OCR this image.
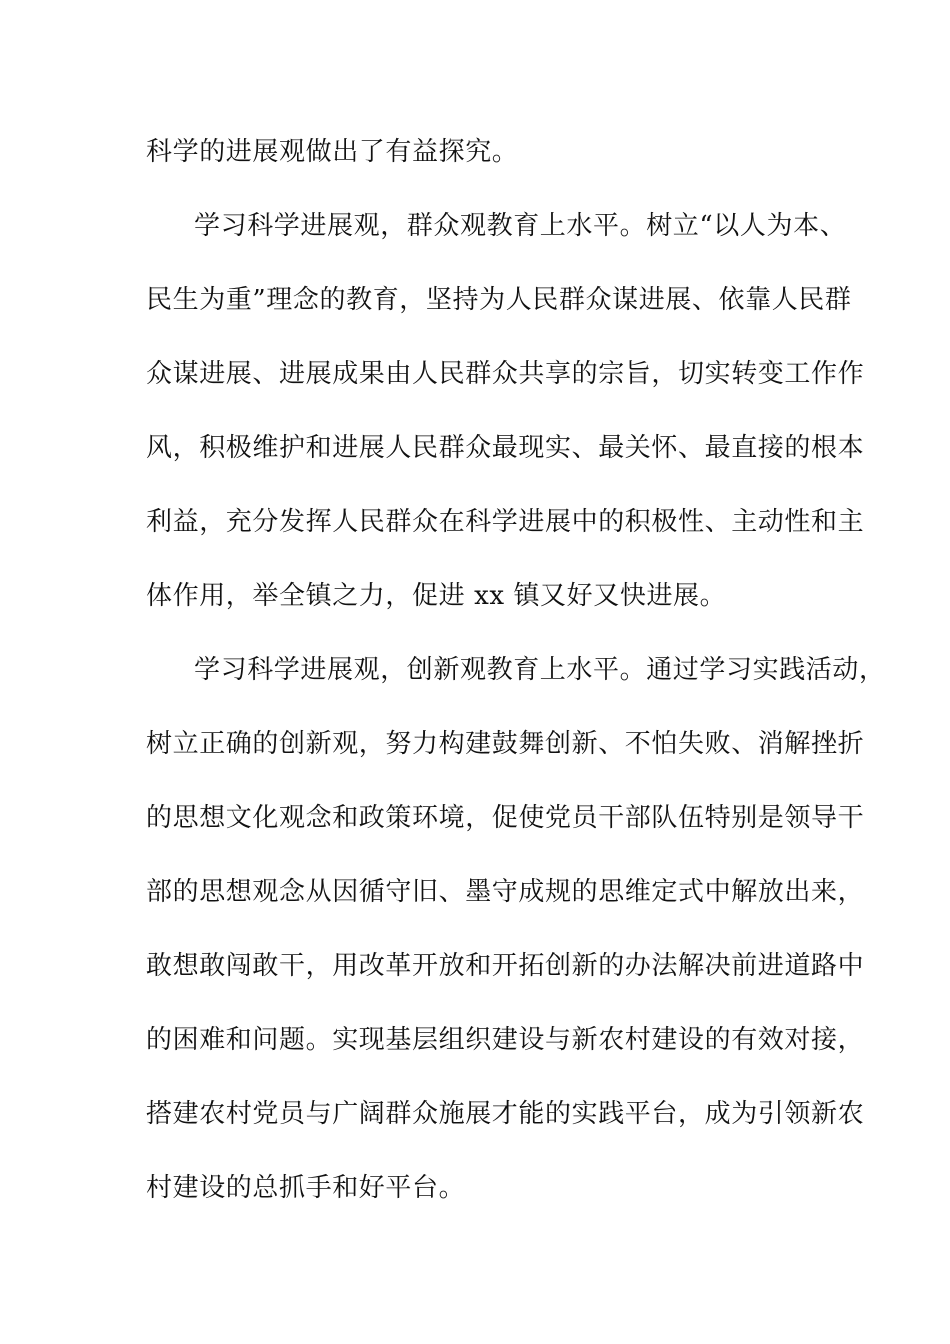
科学的进展观做出了有益探究。
学习科学进展观，群众观教育上水平。树立“以人为本、
民生为重”理念的教育，坚持为人民群众谋进展、依靠人民群
众谋进展、进展成果由人民群众共享的宗旨，切实转变工作作
风，积极维护和进展人民群众最现实、最关怀、最直接的根本
利益，充分发挥人民群众在科学进展中的积极性、主动性和主
体作用，举全镇之力，促进 xx 镇又好又快进展。
学习科学进展观，创新观教育上水平。通过学习实践活动，
树立正确的创新观，努力构建鼓舞创新、不怕失败、消解挫折
的思想文化观念和政策环境，促使党员干部队伍特别是领导干
部的思想观念从因循守旧、墨守成规的思维定式中解放出来，
敢想敢闯敢干，用改革开放和开拓创新的办法解决前进道路中
的困难和问题。实现基层组织建设与新农村建设的有效对接，
搭建农村党员与广阔群众施展才能的实践平台，成为引领新农
村建设的总抓手和好平台。
